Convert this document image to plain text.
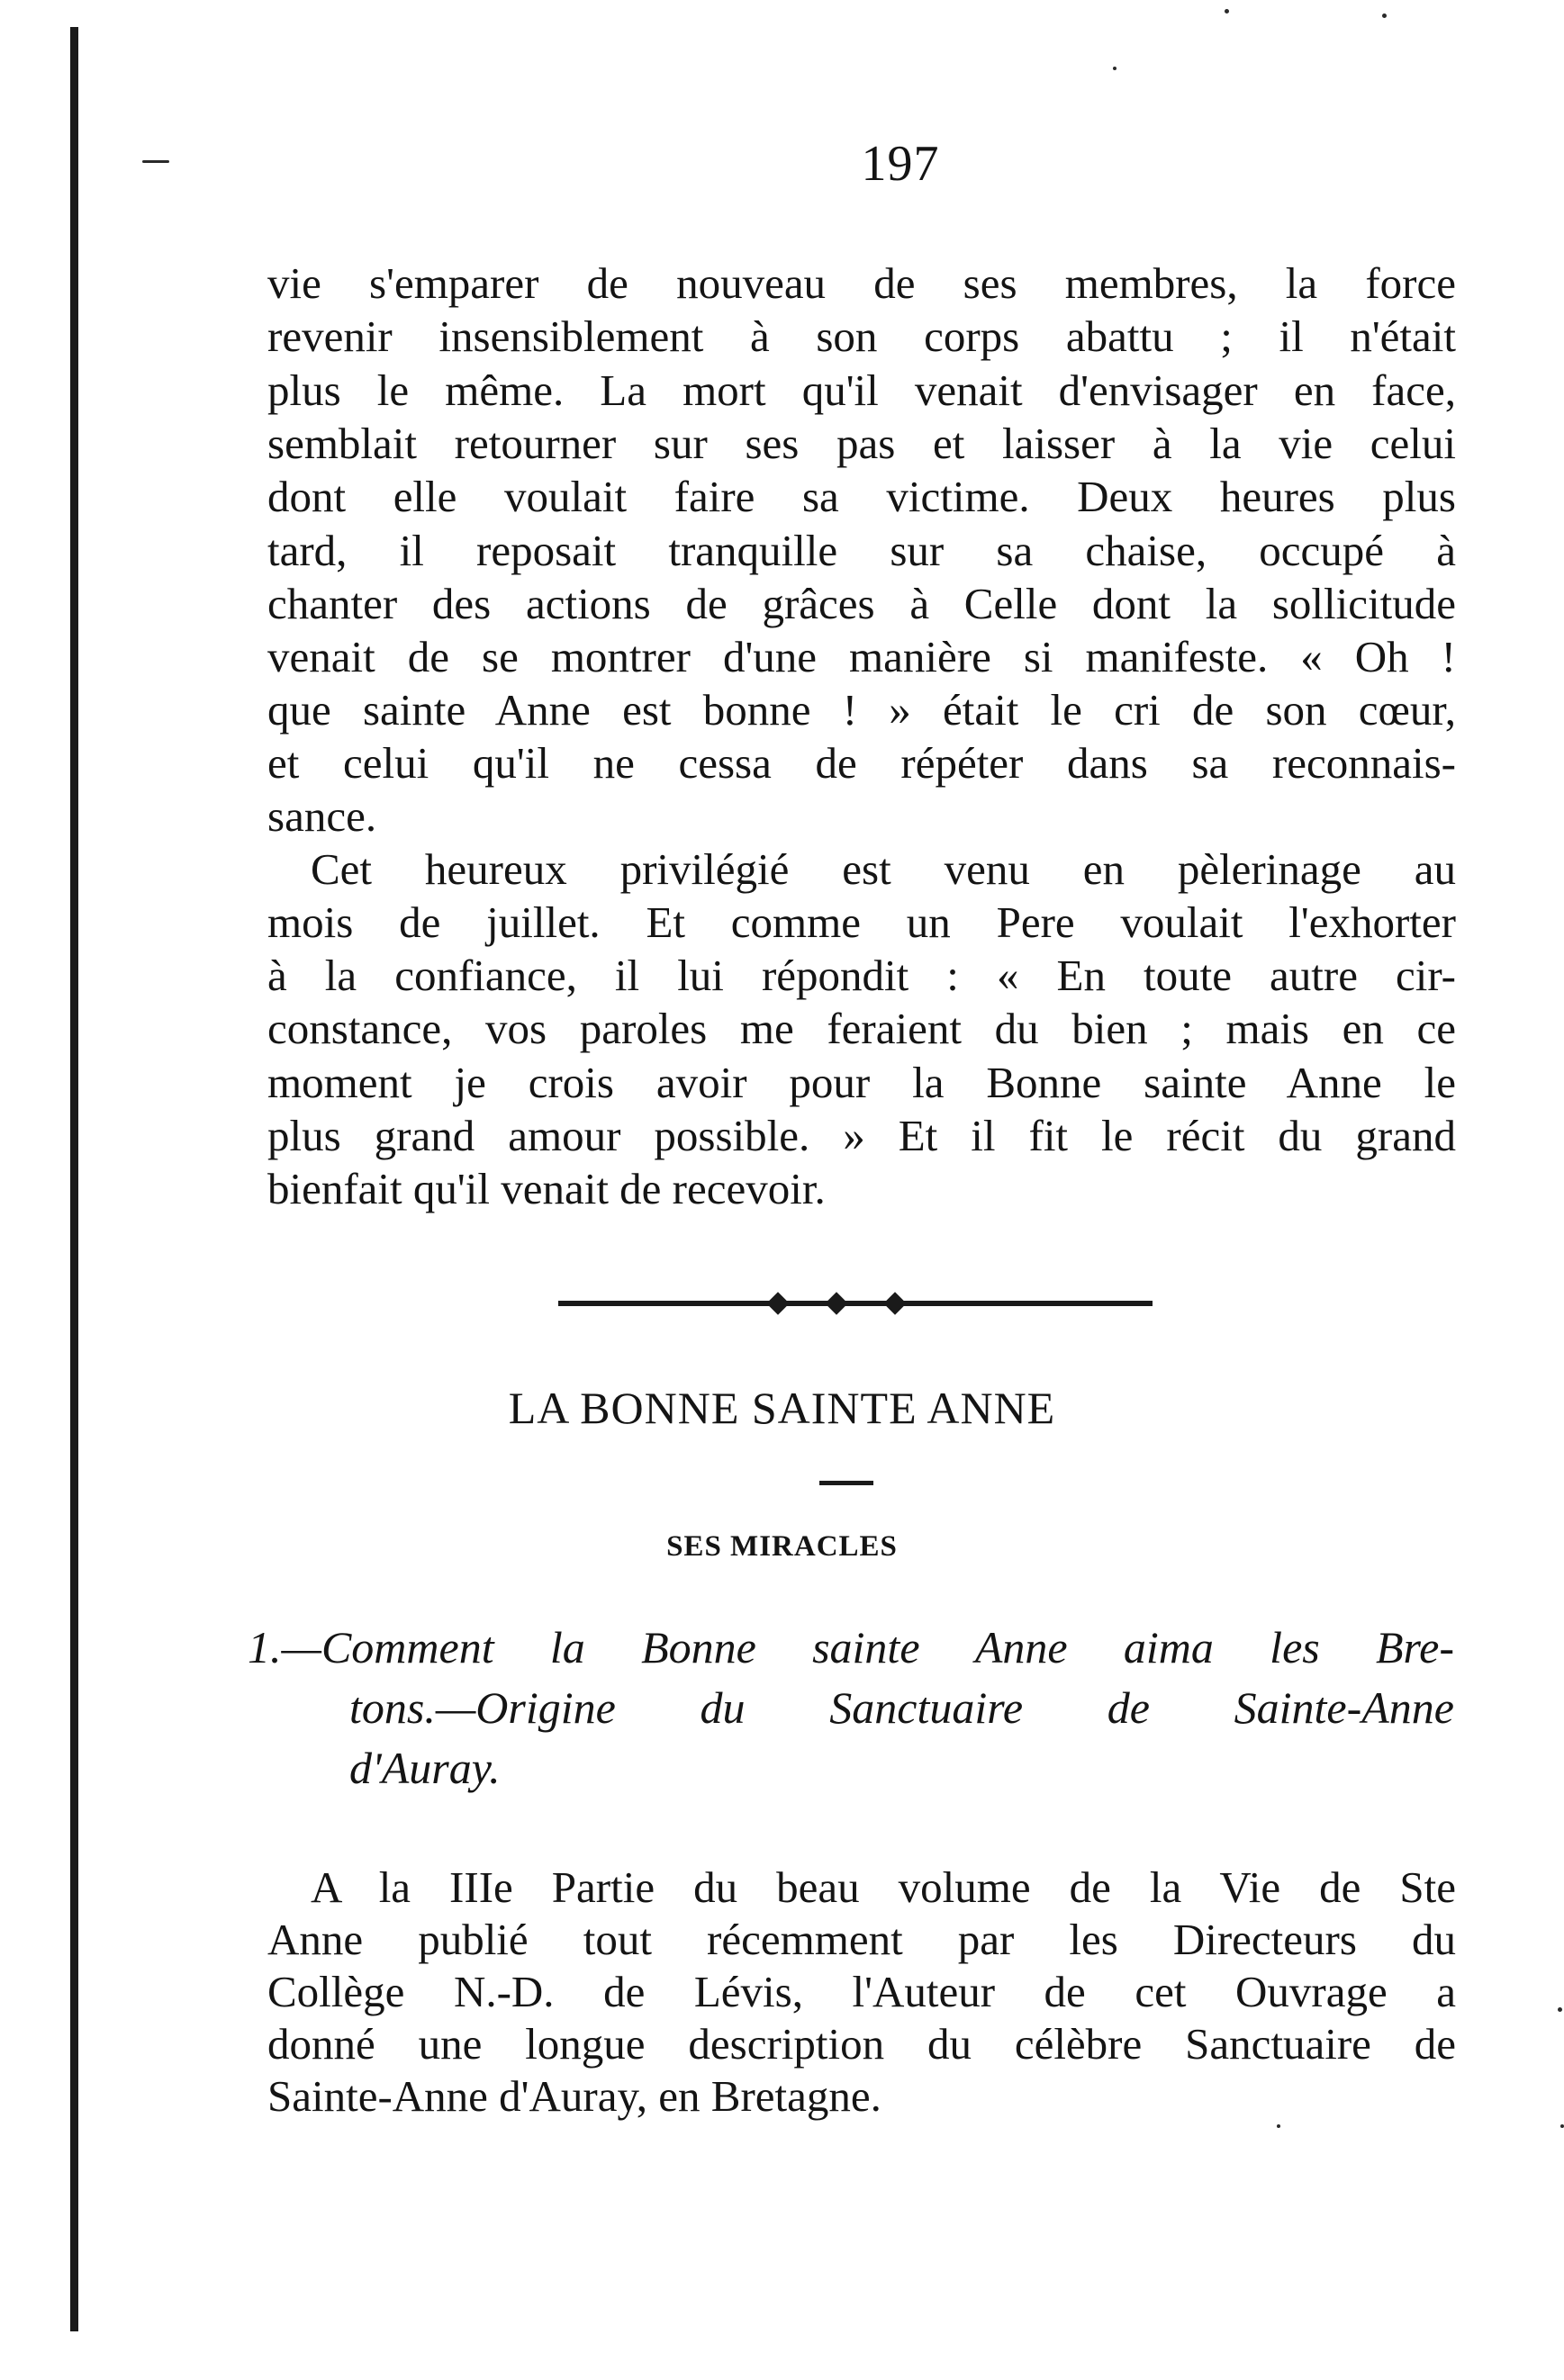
197
vie s'emparer de nouveau de ses membres, la force
revenir insensiblement à son corps abattu ; il n'était
plus le même. La mort qu'il venait d'envisager en face,
semblait retourner sur ses pas et laisser à la vie celui
dont elle voulait faire sa victime. Deux heures plus
tard, il reposait tranquille sur sa chaise, occupé à
chanter des actions de grâces à Celle dont la sollicitude
venait de se montrer d'une manière si manifeste. « Oh !
que sainte Anne est bonne ! » était le cri de son cœur,
et celui qu'il ne cessa de répéter dans sa reconnais-
sance.
Cet heureux privilégié est venu en pèlerinage au
mois de juillet. Et comme un Pere voulait l'exhorter
à la confiance, il lui répondit : « En toute autre cir-
constance, vos paroles me feraient du bien ; mais en ce
moment je crois avoir pour la Bonne sainte Anne le
plus grand amour possible. » Et il fit le récit du grand
bienfait qu'il venait de recevoir.
LA BONNE SAINTE ANNE
SES MIRACLES
1.—Comment la Bonne sainte Anne aima les Bre-
tons.—Origine du Sanctuaire de Sainte-Anne
d'Auray.
A la IIIe Partie du beau volume de la Vie de Ste
Anne publié tout récemment par les Directeurs du
Collège N.-D. de Lévis, l'Auteur de cet Ouvrage a
donné une longue description du célèbre Sanctuaire de
Sainte-Anne d'Auray, en Bretagne.
